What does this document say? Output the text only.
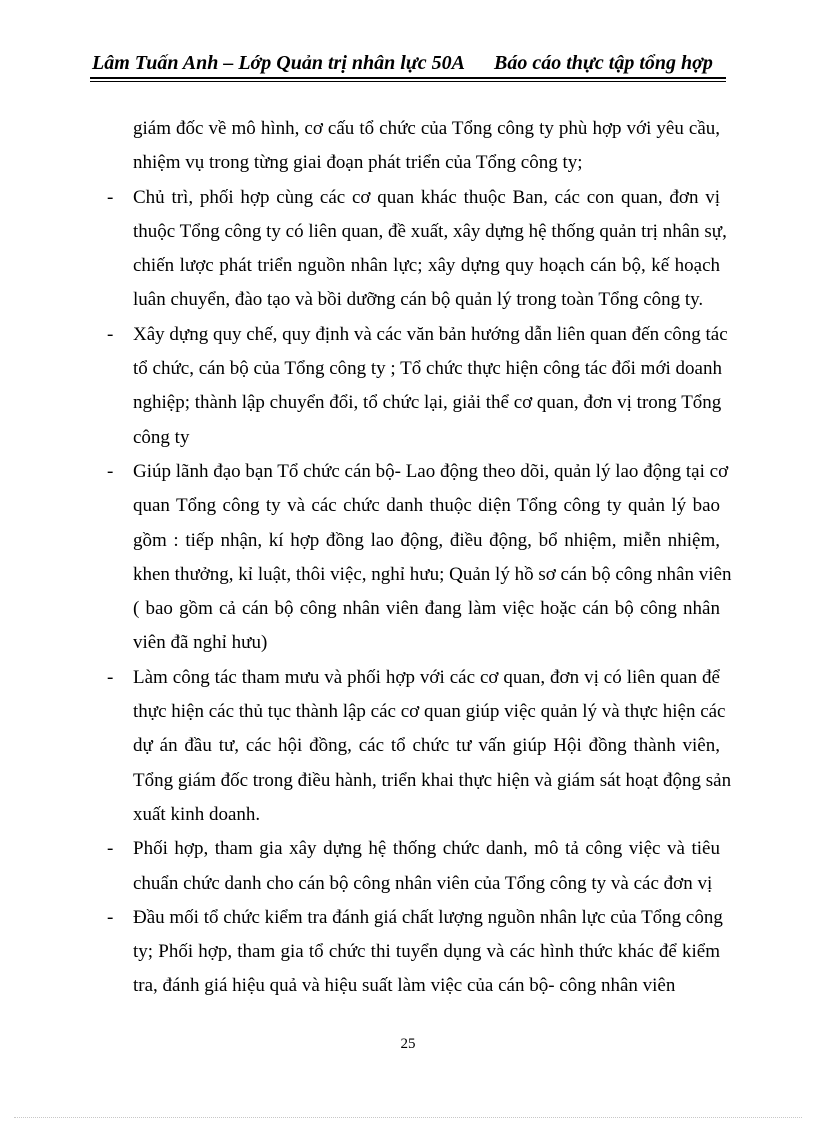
Lâm Tuấn Anh – Lớp Quản trị nhân lực 50A Báo cáo thực tập tổng hợp
giám đốc về mô hình, cơ cấu tổ chức của Tổng công ty phù hợp với yêu cầu,
nhiệm vụ trong từng giai đoạn phát triển của Tổng công ty;
- Chủ trì, phối hợp cùng các cơ quan khác thuộc Ban, các con quan, đơn vị
thuộc Tổng công ty có liên quan, đề xuất, xây dựng hệ thống quản trị nhân sự,
chiến lược phát triển nguồn nhân lực; xây dựng quy hoạch cán bộ, kế hoạch
luân chuyển, đào tạo và bồi dưỡng cán bộ quản lý trong toàn Tổng công ty.
- Xây dựng quy chế, quy định và các văn bản hướng dẫn liên quan đến công tác
tổ chức, cán bộ của Tổng công ty ; Tổ chức thực hiện công tác đổi mới doanh
nghiệp; thành lập chuyển đổi, tổ chức lại, giải thể cơ quan, đơn vị trong Tổng
công ty
- Giúp lãnh đạo bạn Tổ chức cán bộ- Lao động theo dõi, quản lý lao động tại cơ
quan Tổng công ty và các chức danh thuộc diện Tổng công ty quản lý bao
gồm : tiếp nhận, kí hợp đồng lao động, điều động, bổ nhiệm, miễn nhiệm,
khen thưởng, kỉ luật, thôi việc, nghỉ hưu; Quản lý hồ sơ cán bộ công nhân viên
( bao gồm cả cán bộ công nhân viên đang làm việc hoặc cán bộ công nhân
viên đã nghỉ hưu)
- Làm công tác tham mưu và phối hợp với các cơ quan, đơn vị có liên quan để
thực hiện các thủ tục thành lập các cơ quan giúp việc quản lý và thực hiện các
dự án đầu tư, các hội đồng, các tổ chức tư vấn giúp Hội đồng thành viên,
Tổng giám đốc trong điều hành, triển khai thực hiện và giám sát hoạt động sản
xuất kinh doanh.
- Phối hợp, tham gia xây dựng hệ thống chức danh, mô tả công việc và tiêu
chuẩn chức danh cho cán bộ công nhân viên của Tổng công ty và các đơn vị
- Đầu mối tổ chức kiểm tra đánh giá chất lượng nguồn nhân lực của Tổng công
ty; Phối hợp, tham gia tổ chức thi tuyển dụng và các hình thức khác để kiểm
tra, đánh giá hiệu quả và hiệu suất làm việc của cán bộ- công nhân viên
25
